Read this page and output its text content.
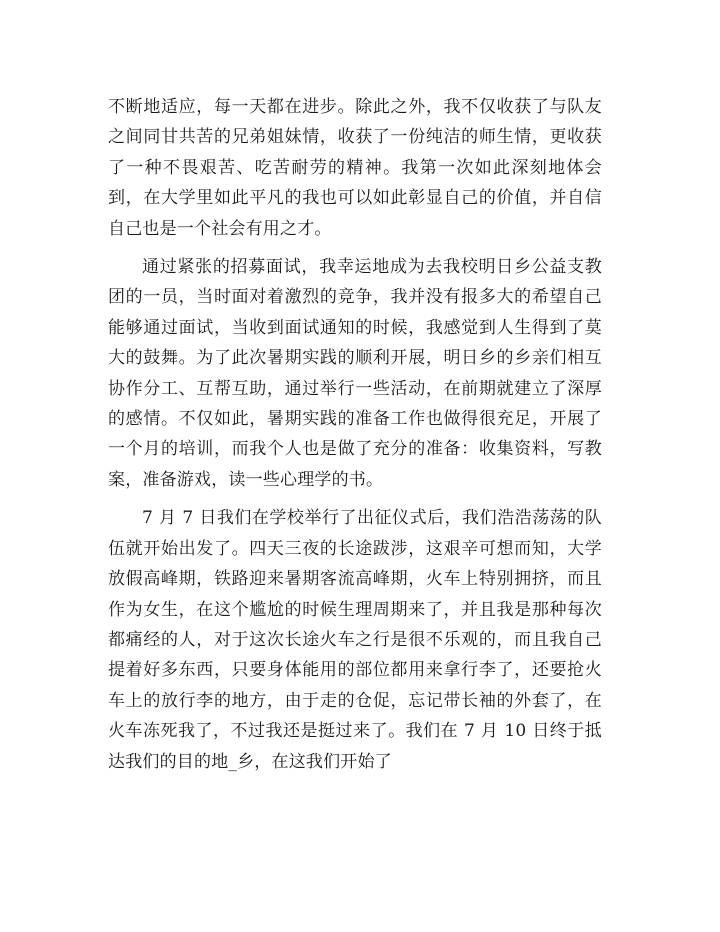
不断地适应，每一天都在进步。除此之外，我不仅收获了与队友之间同甘共苦的兄弟姐妹情，收获了一份纯洁的师生情，更收获了一种不畏艰苦、吃苦耐劳的精神。我第一次如此深刻地体会到，在大学里如此平凡的我也可以如此彰显自己的价值，并自信自己也是一个社会有用之才。

通过紧张的招募面试，我幸运地成为去我校明日乡公益支教团的一员，当时面对着激烈的竞争，我并没有报多大的希望自己能够通过面试，当收到面试通知的时候，我感觉到人生得到了莫大的鼓舞。为了此次暑期实践的顺利开展，明日乡的乡亲们相互协作分工、互帮互助，通过举行一些活动，在前期就建立了深厚的感情。不仅如此，暑期实践的准备工作也做得很充足，开展了一个月的培训，而我个人也是做了充分的准备：收集资料，写教案，准备游戏，读一些心理学的书。

7 月 7 日我们在学校举行了出征仪式后，我们浩浩荡荡的队伍就开始出发了。四天三夜的长途跋涉，这艰辛可想而知，大学放假高峰期，铁路迎来暑期客流高峰期，火车上特别拥挤，而且作为女生，在这个尴尬的时候生理周期来了，并且我是那种每次都痛经的人，对于这次长途火车之行是很不乐观的，而且我自己提着好多东西，只要身体能用的部位都用来拿行李了，还要抢火车上的放行李的地方，由于走的仓促，忘记带长袖的外套了，在火车冻死我了，不过我还是挺过来了。我们在 7 月 10 日终于抵达我们的目的地_乡，在这我们开始了
